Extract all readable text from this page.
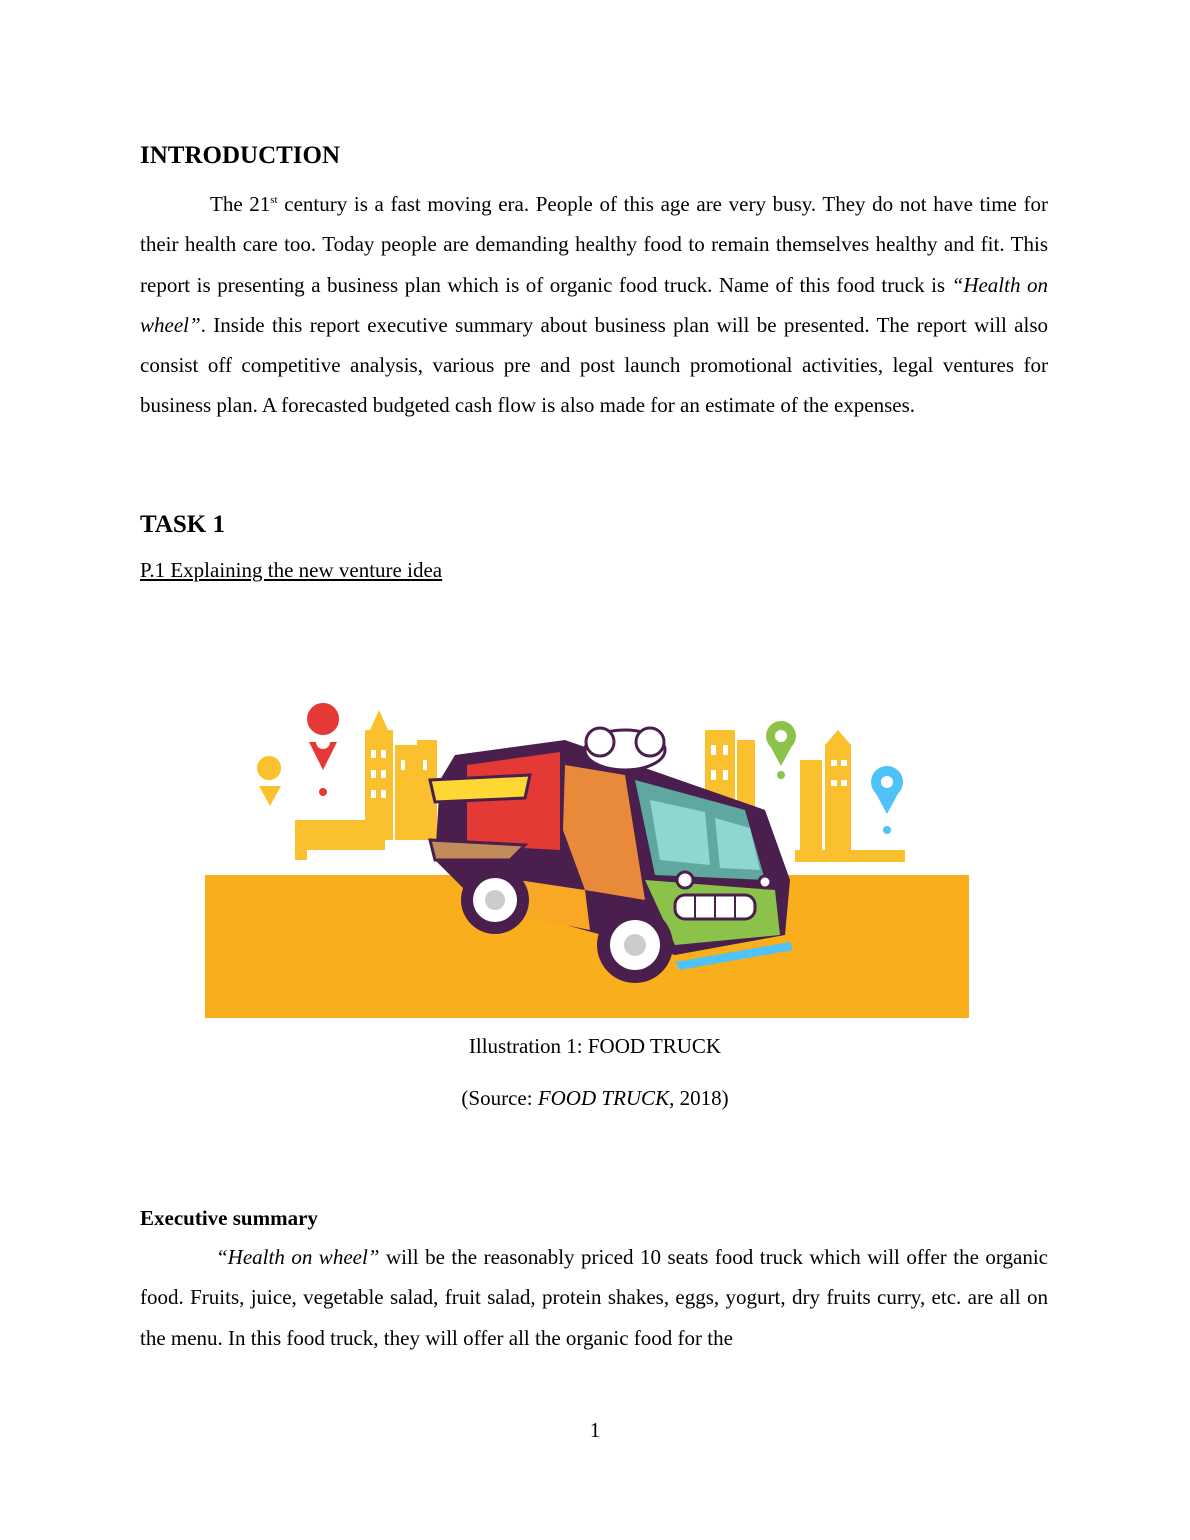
INTRODUCTION

The 21st century is a fast moving era. People of this age are very busy. They do not have time for their health care too. Today people are demanding healthy food to remain themselves healthy and fit. This report is presenting a business plan which is of organic food truck. Name of this food truck is “Health on wheel”. Inside this report executive summary about business plan will be presented. The report will also consist off competitive analysis, various pre and post launch promotional activities, legal ventures for business plan. A forecasted budgeted cash flow is also made for an estimate of the expenses.

TASK 1
P.1 Explaining the new venture idea
Illustration 1: FOOD TRUCK
(Source: FOOD TRUCK, 2018)
Executive summary

“Health on wheel” will be the reasonably priced 10 seats food truck which will offer the organic food. Fruits, juice, vegetable salad, fruit salad, protein shakes, eggs, yogurt, dry fruits curry, etc. are all on the menu. In this food truck, they will offer all the organic food for the

1
